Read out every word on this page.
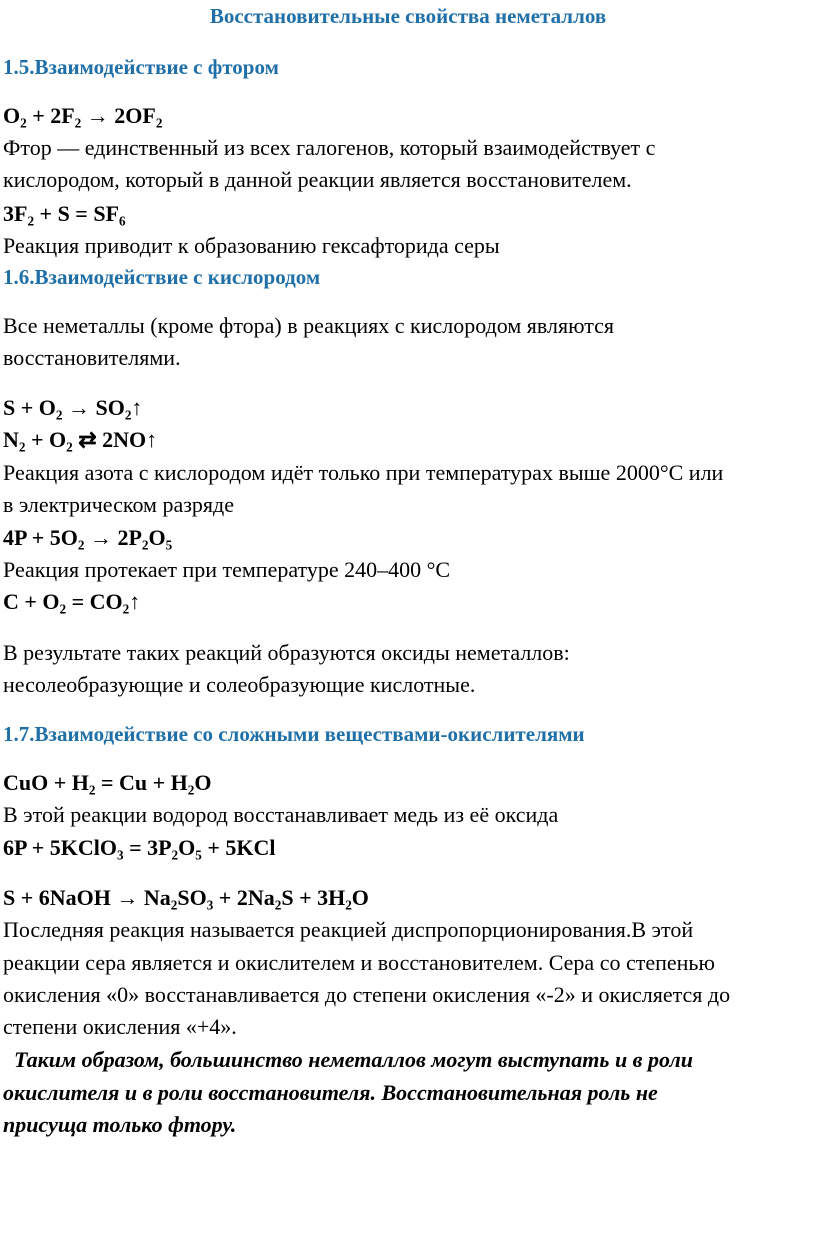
Восстановительные свойства неметаллов
1.5.Взаимодействие с фтором
O₂ + 2F₂ → 2OF₂
Фтор — единственный из всех галогенов, который взаимодействует с
кислородом, который в данной реакции является восстановителем.
3F₂ + S = SF₆
Реакция приводит к образованию гексафторида серы
1.6.Взаимодействие с кислородом
Все неметаллы (кроме фтора) в реакциях с кислородом являются
восстановителями.
S + O₂ → SO₂↑
N₂ + O₂ ⇄ 2NO↑
Реакция азота с кислородом идёт только при температурах выше 2000°C или
в электрическом разряде
4P + 5O₂ → 2P₂O₅
Реакция протекает при температуре 240–400 °C
C + O₂ = CO₂↑
В результате таких реакций образуются оксиды неметаллов:
несолеобразующие и солеобразующие кислотные.
1.7.Взаимодействие со сложными веществами-окислителями
CuO + H₂ = Cu + H₂O
В этой реакции водород восстанавливает медь из её оксида
6P + 5KClO₃ = 3P₂O₅ + 5KCl
S + 6NaOH → Na₂SO₃ + 2Na₂S + 3H₂O
Последняя реакция называется реакцией диспропорционирования.В этой
реакции сера является и окислителем и восстановителем. Сера со степенью
окисления «0» восстанавливается до степени окисления «-2» и окисляется до
степени окисления «+4».
Таким образом, большинство неметаллов могут выступать и в роли
окислителя и в роли восстановителя. Восстановительная роль не
присуща только фтору.
